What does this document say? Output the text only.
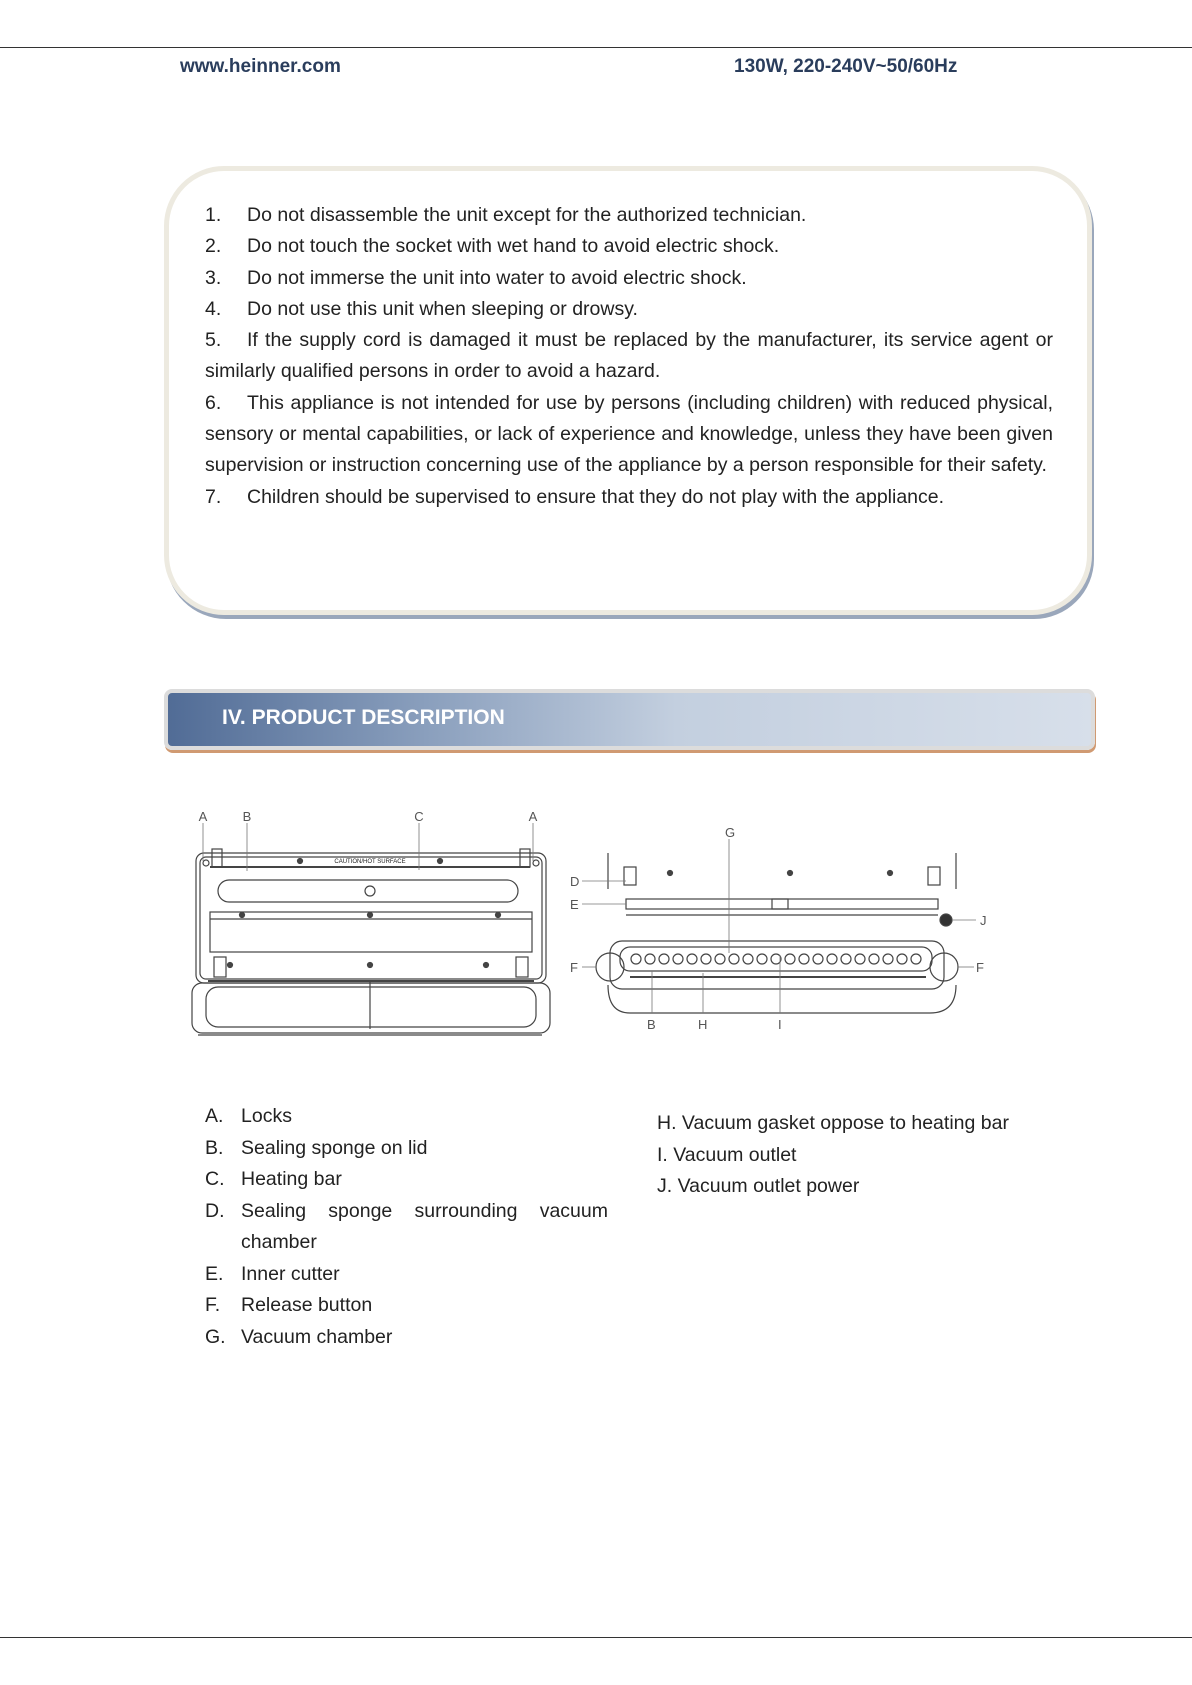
www.heinner.com	130W, 220-240V~50/60Hz
1. Do not disassemble the unit except for the authorized technician.
2. Do not touch the socket with wet hand to avoid electric shock.
3. Do not immerse the unit into water to avoid electric shock.
4. Do not use this unit when sleeping or drowsy.
5. If the supply cord is damaged it must be replaced by the manufacturer, its service agent or similarly qualified persons in order to avoid a hazard.
6. This appliance is not intended for use by persons (including children) with reduced physical, sensory or mental capabilities, or lack of experience and knowledge, unless they have been given supervision or instruction concerning use of the appliance by a person responsible for their safety.
7. Children should be supervised to ensure that they do not play with the appliance.
IV. PRODUCT DESCRIPTION
CAUTION/HOT SURFACE
A	B	C	A
G
D
E
F	F
J
B	H	I
A. Locks
B. Sealing sponge on lid
C. Heating bar
D. Sealing sponge surrounding vacuum chamber
E. Inner cutter
F.	Release button
G. Vacuum chamber
H. Vacuum gasket oppose to heating bar
I. Vacuum outlet
J. Vacuum outlet power
